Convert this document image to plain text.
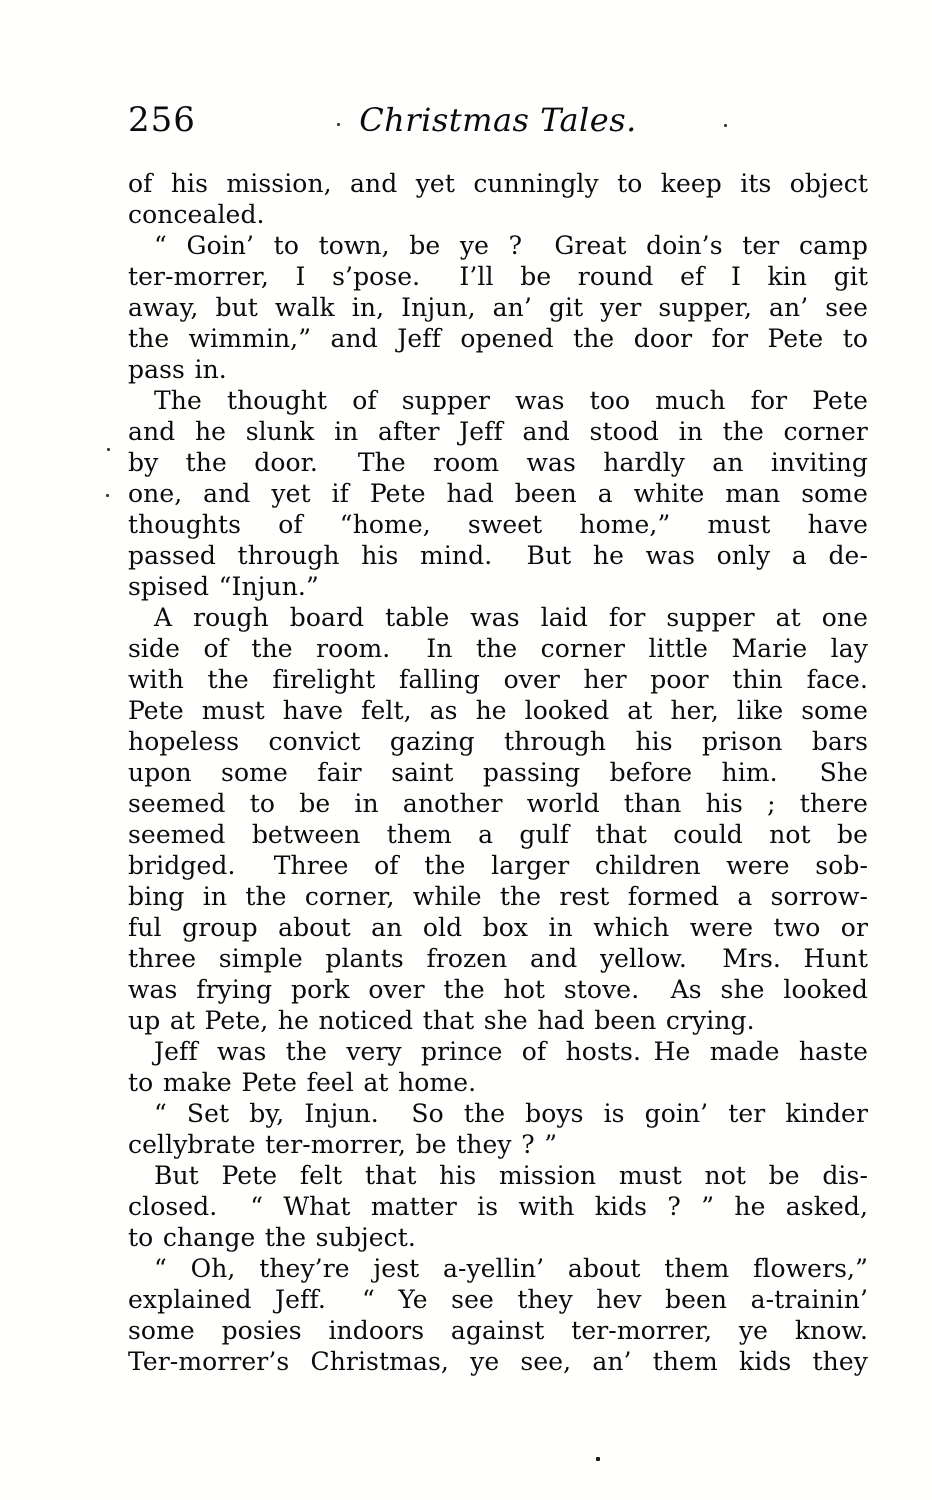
256	Christmas Tales.
of his mission, and yet cunningly to keep its object
concealed.
“ Goin’ to town, be ye ?  Great doin’s ter camp
ter-morrer, I s’pose.  I’ll be round ef I kin git
away, but walk in, Injun, an’ git yer supper, an’ see
the wimmin,” and Jeff opened the door for Pete to
pass in.
The thought of supper was too much for Pete
and he slunk in after Jeff and stood in the corner
by the door.  The room was hardly an inviting
one, and yet if Pete had been a white man some
thoughts of “home, sweet home,” must have
passed through his mind.  But he was only a de-
spised “Injun.”
A rough board table was laid for supper at one
side of the room.  In the corner little Marie lay
with the firelight falling over her poor thin face.
Pete must have felt, as he looked at her, like some
hopeless convict gazing through his prison bars
upon some fair saint passing before him.  She
seemed to be in another world than his ; there
seemed between them a gulf that could not be
bridged.  Three of the larger children were sob-
bing in the corner, while the rest formed a sorrow-
ful group about an old box in which were two or
three simple plants frozen and yellow.  Mrs. Hunt
was frying pork over the hot stove.  As she looked
up at Pete, he noticed that she had been crying.
Jeff was the very prince of hosts. He made haste
to make Pete feel at home.
“ Set by, Injun.  So the boys is goin’ ter kinder
cellybrate ter-morrer, be they ? ”
But Pete felt that his mission must not be dis-
closed.  “ What matter is with kids ? ” he asked,
to change the subject.
“ Oh, they’re jest a-yellin’ about them flowers,”
explained Jeff.  “ Ye see they hev been a-trainin’
some posies indoors against ter-morrer, ye know.
Ter-morrer’s Christmas, ye see, an’ them kids they
